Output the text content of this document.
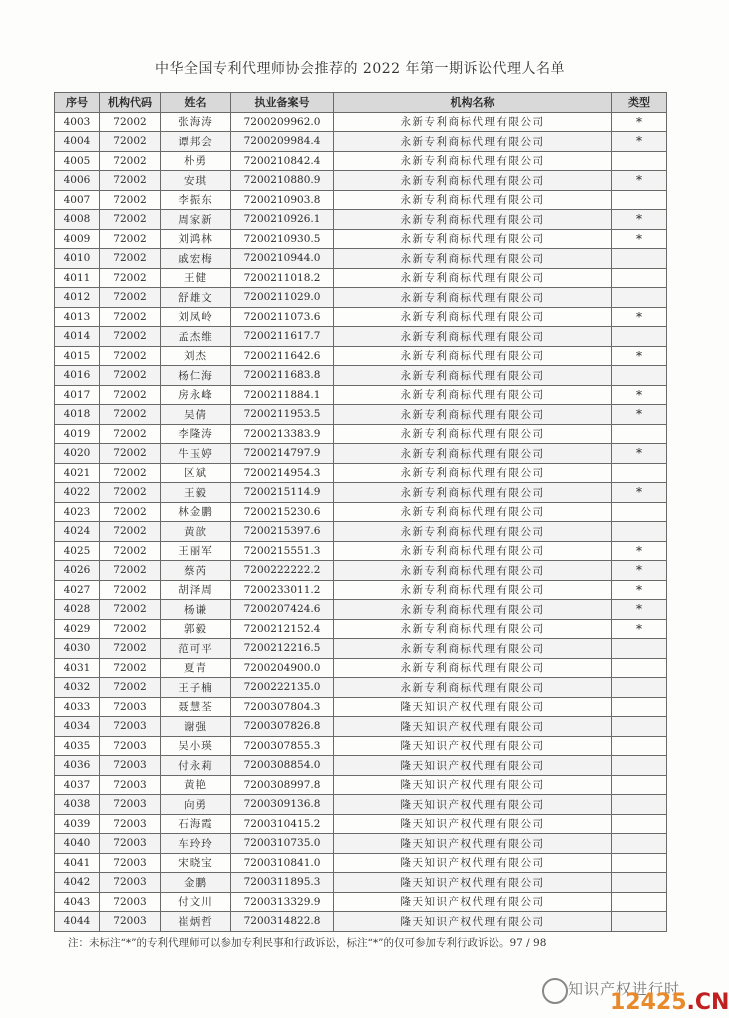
中华全国专利代理师协会推荐的 2022 年第一期诉讼代理人名单
序号	机构代码	姓名	执业备案号	机构名称	类型
4003	72002	张海涛	7200209962.0	永新专利商标代理有限公司	*
4004	72002	谭邦会	7200209984.4	永新专利商标代理有限公司	*
4005	72002	朴勇	7200210842.4	永新专利商标代理有限公司	
4006	72002	安琪	7200210880.9	永新专利商标代理有限公司	*
4007	72002	李振东	7200210903.8	永新专利商标代理有限公司	
4008	72002	周家新	7200210926.1	永新专利商标代理有限公司	*
4009	72002	刘鸿林	7200210930.5	永新专利商标代理有限公司	*
4010	72002	戚宏梅	7200210944.0	永新专利商标代理有限公司	
4011	72002	王健	7200211018.2	永新专利商标代理有限公司	
4012	72002	舒雄文	7200211029.0	永新专利商标代理有限公司	
4013	72002	刘凤岭	7200211073.6	永新专利商标代理有限公司	*
4014	72002	孟杰维	7200211617.7	永新专利商标代理有限公司	
4015	72002	刘杰	7200211642.6	永新专利商标代理有限公司	*
4016	72002	杨仁海	7200211683.8	永新专利商标代理有限公司	
4017	72002	房永峰	7200211884.1	永新专利商标代理有限公司	*
4018	72002	吴倩	7200211953.5	永新专利商标代理有限公司	*
4019	72002	李隆涛	7200213383.9	永新专利商标代理有限公司	
4020	72002	牛玉婷	7200214797.9	永新专利商标代理有限公司	*
4021	72002	区斌	7200214954.3	永新专利商标代理有限公司	
4022	72002	王毅	7200215114.9	永新专利商标代理有限公司	*
4023	72002	林金鹏	7200215230.6	永新专利商标代理有限公司	
4024	72002	黄歆	7200215397.6	永新专利商标代理有限公司	
4025	72002	王丽军	7200215551.3	永新专利商标代理有限公司	*
4026	72002	蔡芮	7200222222.2	永新专利商标代理有限公司	*
4027	72002	胡泽周	7200233011.2	永新专利商标代理有限公司	*
4028	72002	杨谦	7200207424.6	永新专利商标代理有限公司	*
4029	72002	郭毅	7200212152.4	永新专利商标代理有限公司	*
4030	72002	范可平	7200212216.5	永新专利商标代理有限公司	
4031	72002	夏青	7200204900.0	永新专利商标代理有限公司	
4032	72002	王子楠	7200222135.0	永新专利商标代理有限公司	
4033	72003	聂慧荃	7200307804.3	隆天知识产权代理有限公司	
4034	72003	谢强	7200307826.8	隆天知识产权代理有限公司	
4035	72003	吴小瑛	7200307855.3	隆天知识产权代理有限公司	
4036	72003	付永莉	7200308854.0	隆天知识产权代理有限公司	
4037	72003	黄艳	7200308997.8	隆天知识产权代理有限公司	
4038	72003	向勇	7200309136.8	隆天知识产权代理有限公司	
4039	72003	石海霞	7200310415.2	隆天知识产权代理有限公司	
4040	72003	车玲玲	7200310735.0	隆天知识产权代理有限公司	
4041	72003	宋晓宝	7200310841.0	隆天知识产权代理有限公司	
4042	72003	金鹏	7200311895.3	隆天知识产权代理有限公司	
4043	72003	付文川	7200313329.9	隆天知识产权代理有限公司	
4044	72003	崔炳哲	7200314822.8	隆天知识产权代理有限公司	
注：未标注“*”的专利代理师可以参加专利民事和行政诉讼，标注“*”的仅可参加专利行政诉讼。97 / 98
知识产权进行时
12425.CN
